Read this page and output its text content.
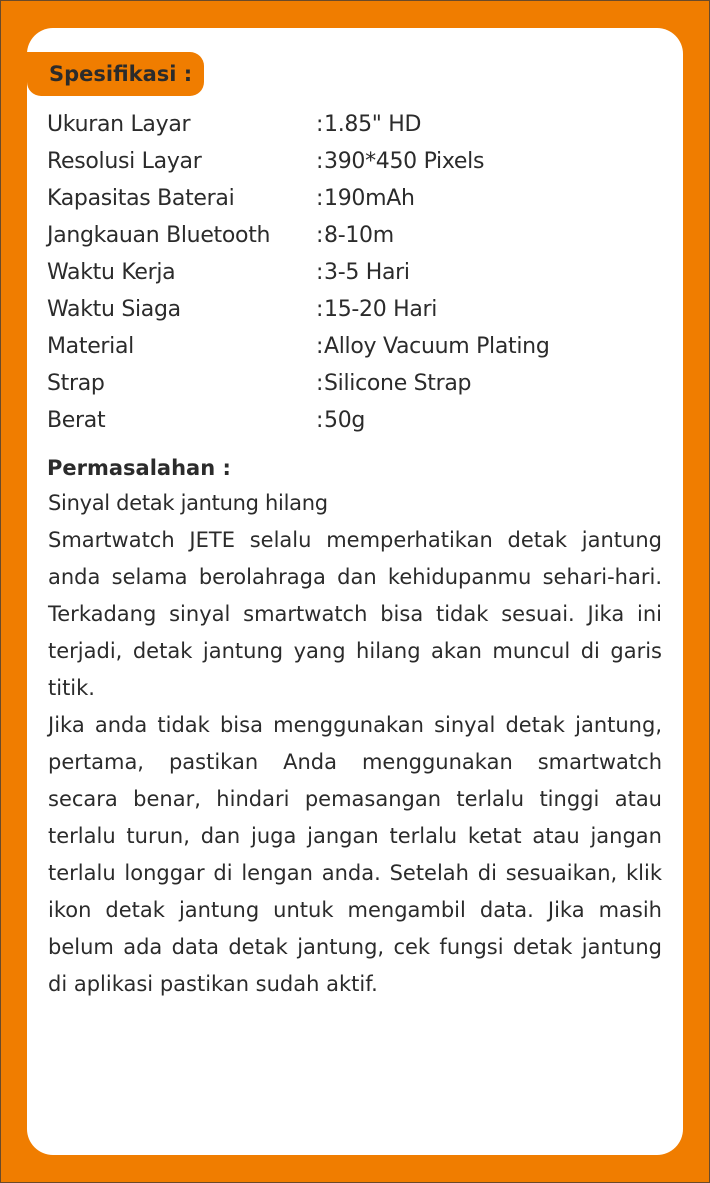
Spesifikasi :
Ukuran Layar	:	1.85" HD
Resolusi Layar	:	390*450 Pixels
Kapasitas Baterai	:	190mAh
Jangkauan Bluetooth	:	8-10m
Waktu Kerja	:	3-5 Hari
Waktu Siaga	:	15-20 Hari
Material	:	Alloy Vacuum Plating
Strap	:	Silicone Strap
Berat	:	50g
Permasalahan :

Sinyal detak jantung hilang

Smartwatch JETE selalu memperhatikan detak jantung anda selama berolahraga dan kehidupanmu sehari-hari. Terkadang sinyal smartwatch bisa tidak sesuai. Jika ini terjadi, detak jantung yang hilang akan muncul di garis titik.

Jika anda tidak bisa menggunakan sinyal detak jantung, pertama, pastikan Anda menggunakan smartwatch secara benar, hindari pemasangan terlalu tinggi atau terlalu turun, dan juga jangan terlalu ketat atau jangan terlalu longgar di lengan anda. Setelah di sesuaikan, klik ikon detak jantung untuk mengambil data. Jika masih belum ada data detak jantung, cek fungsi detak jantung di aplikasi pastikan sudah aktif.
